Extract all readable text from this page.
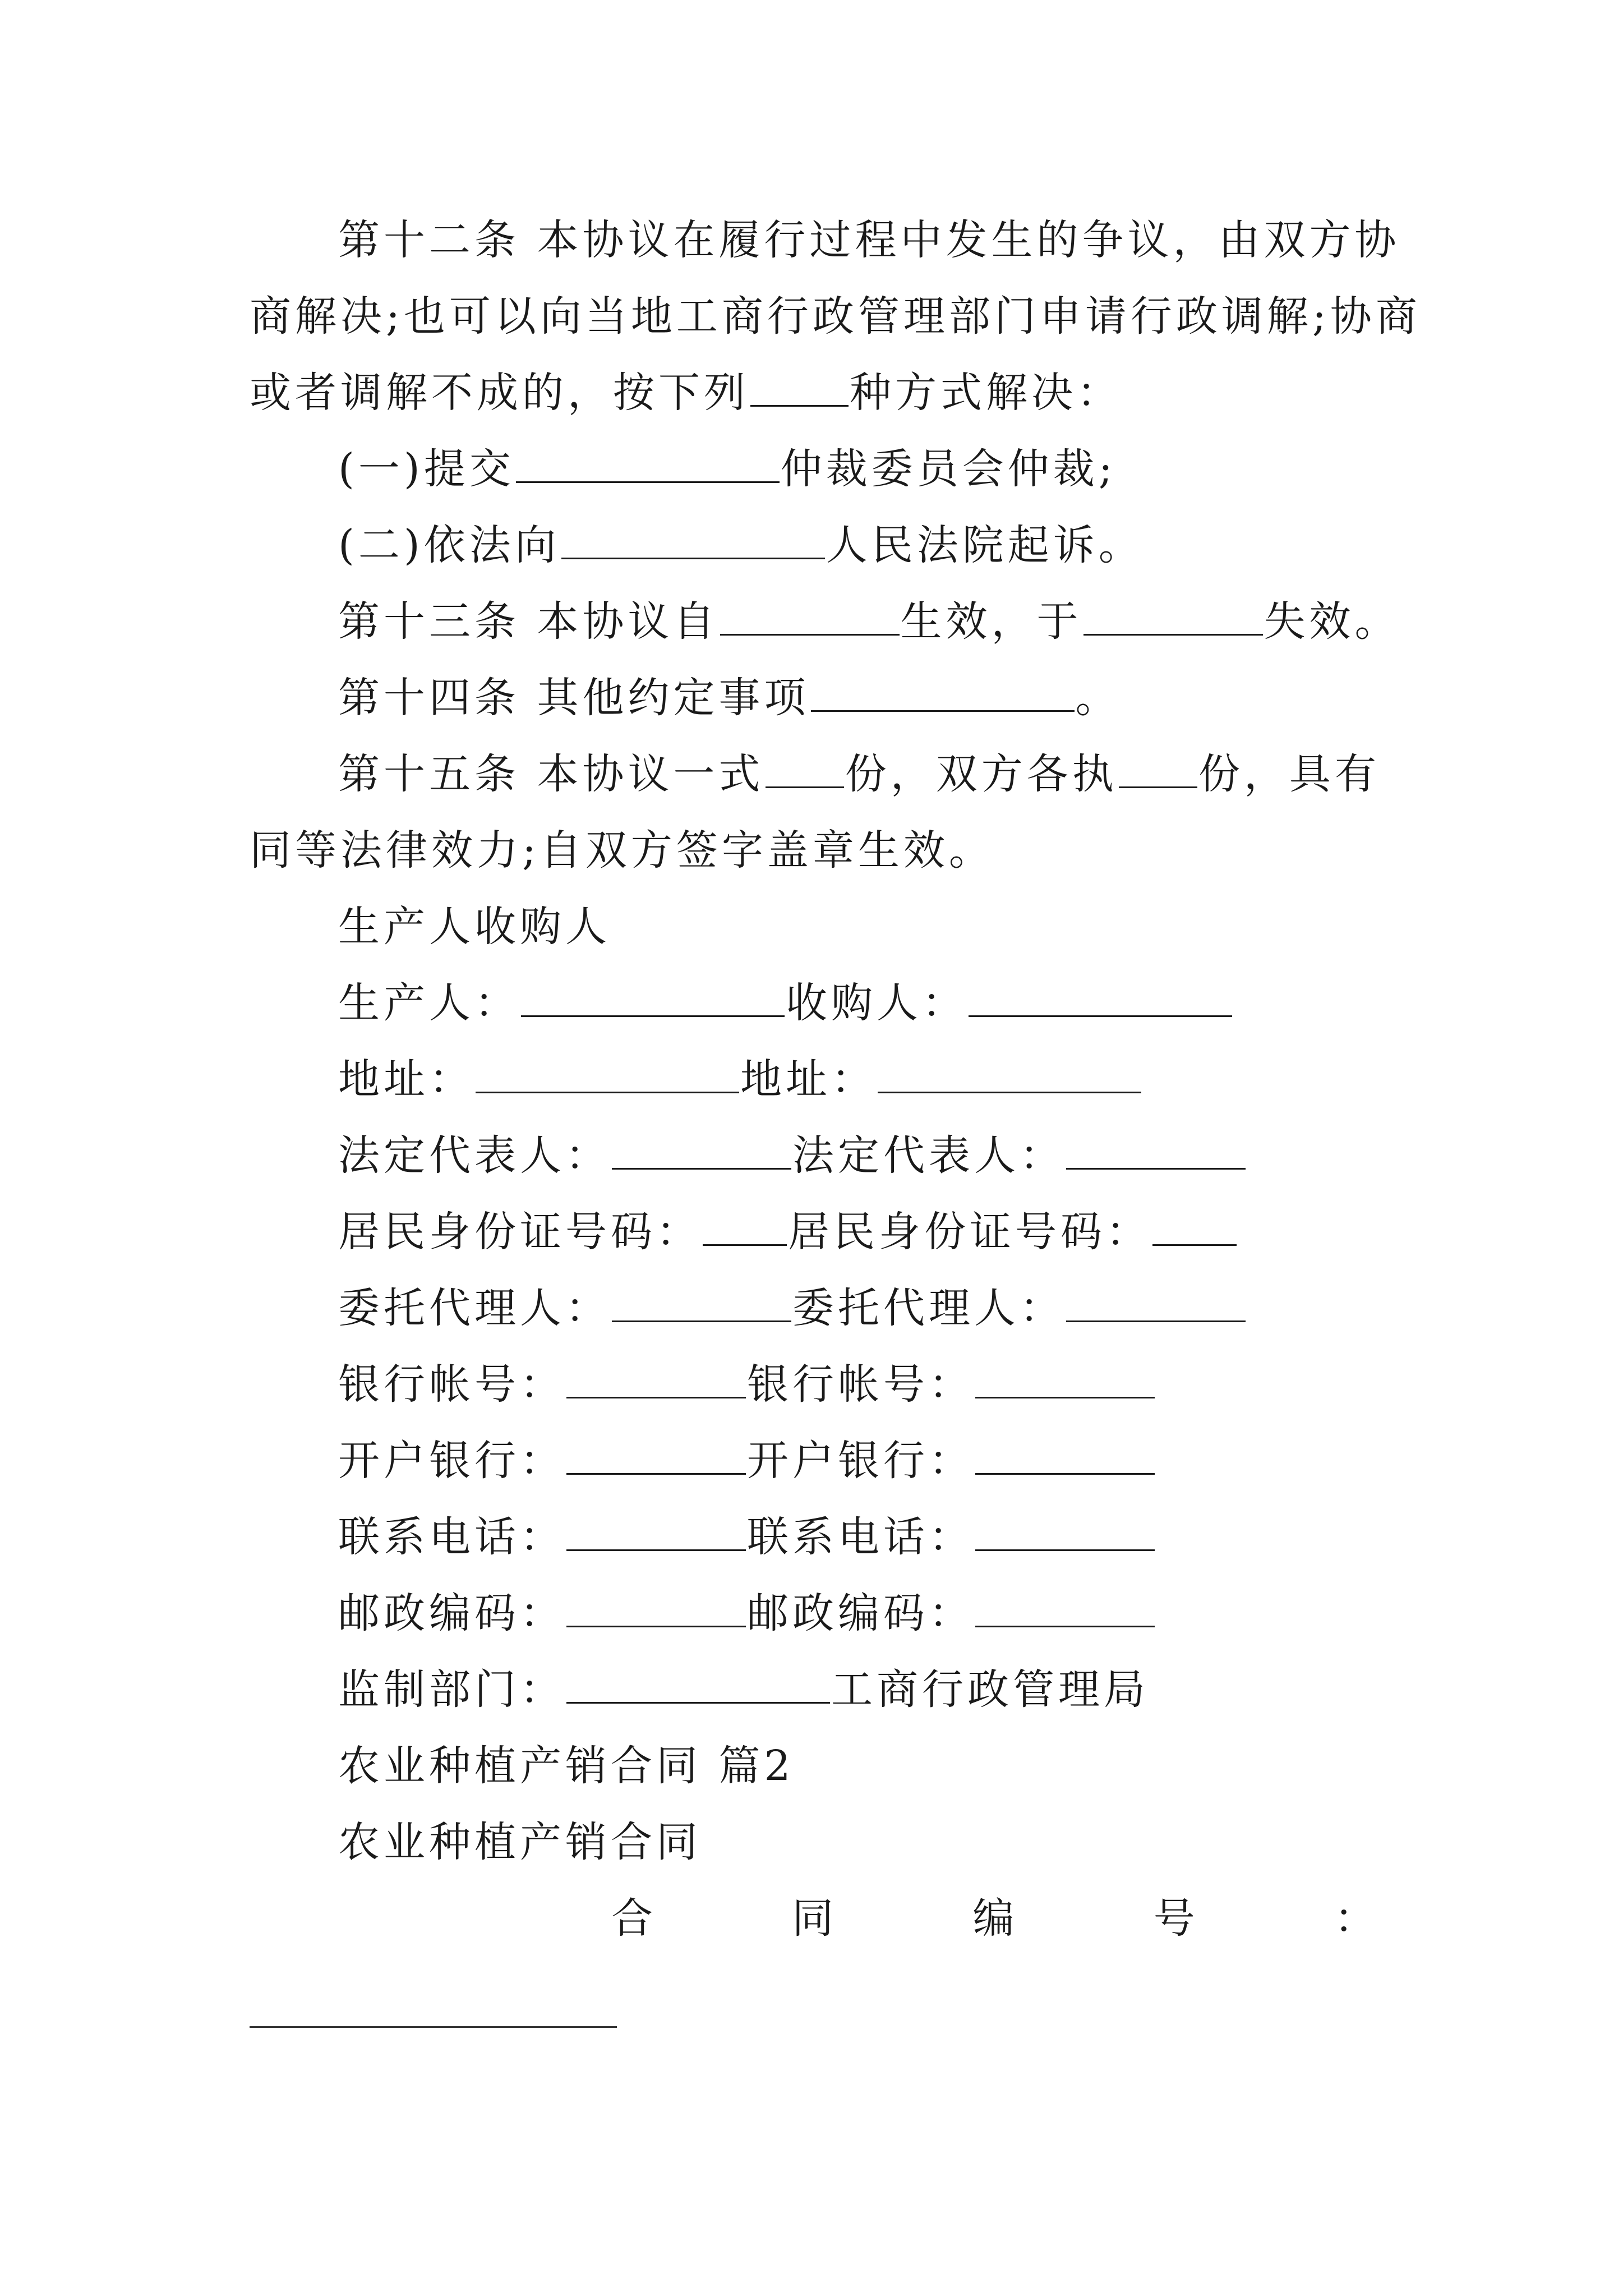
第十二条 本协议在履行过程中发生的争议，由双方协
商解决;也可以向当地工商行政管理部门申请行政调解;协商
或者调解不成的，按下列 种方式解决：
(一)提交	仲裁委员会仲裁;
(二)依法向	人民法院起诉。
第十三条 本协议自	生效，于	失效。
第十四条 其他约定事项	。
第十五条 本协议一式 份，双方各执 份，具有
同等法律效力;自双方签字盖章生效。
生产人收购人
生产人：	收购人：
地址：	地址：
法定代表人：	法定代表人：
居民身份证号码： 居民身份证号码：
委托代理人：	委托代理人：
银行帐号：	银行帐号：
开户银行：	开户银行：
联系电话：	联系电话：
邮政编码：	邮政编码：
监制部门：	工商行政管理局
农业种植产销合同 篇2
农业种植产销合同
合	同	编	号	：
